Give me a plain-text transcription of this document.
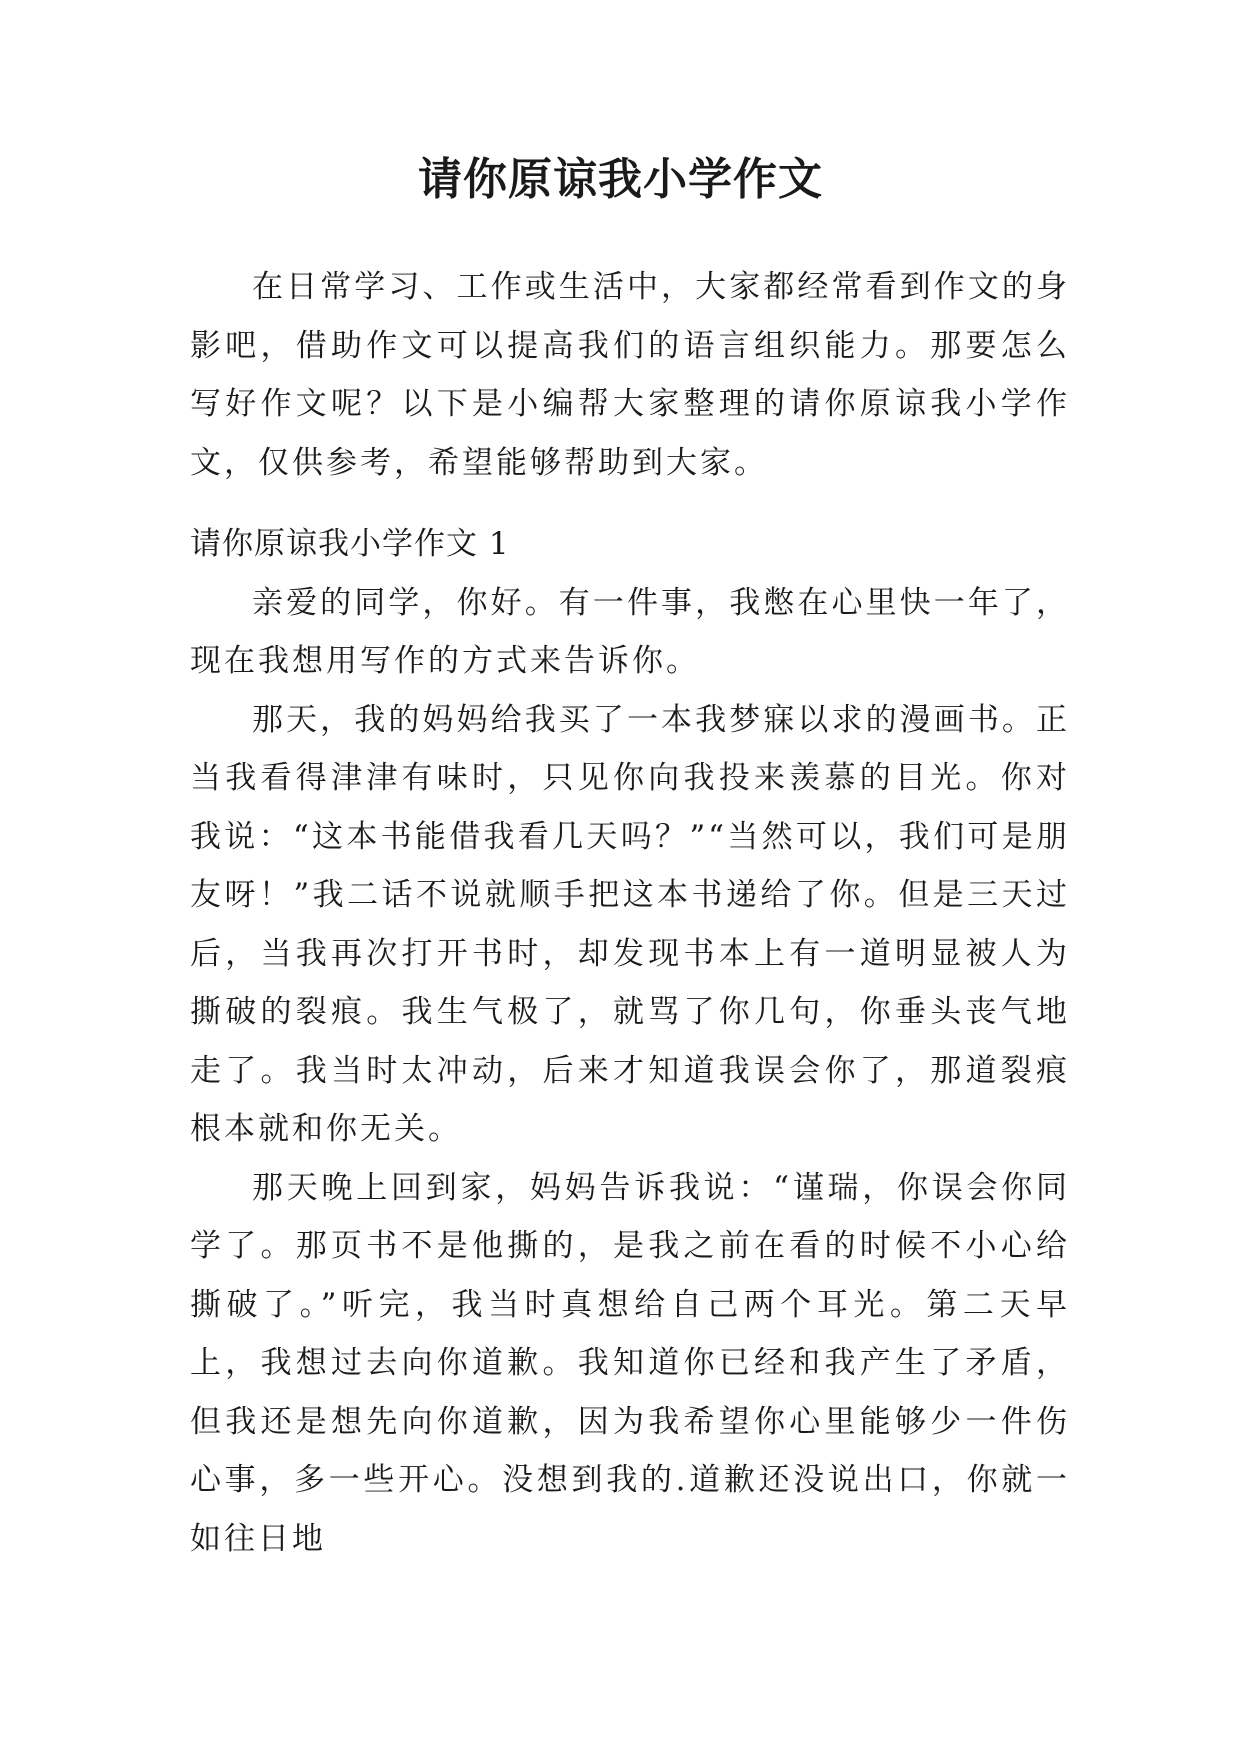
请你原谅我小学作文

在日常学习、工作或生活中，大家都经常看到作文的身影吧，借助作文可以提高我们的语言组织能力。那要怎么写好作文呢？以下是小编帮大家整理的请你原谅我小学作文，仅供参考，希望能够帮助到大家。

请你原谅我小学作文 1

亲爱的同学，你好。有一件事，我憋在心里快一年了，现在我想用写作的方式来告诉你。

那天，我的妈妈给我买了一本我梦寐以求的漫画书。正当我看得津津有味时，只见你向我投来羡慕的目光。你对我说：“这本书能借我看几天吗？”“当然可以，我们可是朋友呀！”我二话不说就顺手把这本书递给了你。但是三天过后，当我再次打开书时，却发现书本上有一道明显被人为撕破的裂痕。我生气极了，就骂了你几句，你垂头丧气地走了。我当时太冲动，后来才知道我误会你了，那道裂痕根本就和你无关。

那天晚上回到家，妈妈告诉我说：“谨瑞，你误会你同学了。那页书不是他撕的，是我之前在看的时候不小心给撕破了。”听完，我当时真想给自己两个耳光。第二天早上，我想过去向你道歉。我知道你已经和我产生了矛盾，但我还是想先向你道歉，因为我希望你心里能够少一件伤心事，多一些开心。没想到我的.道歉还没说出口，你就一如往日地
